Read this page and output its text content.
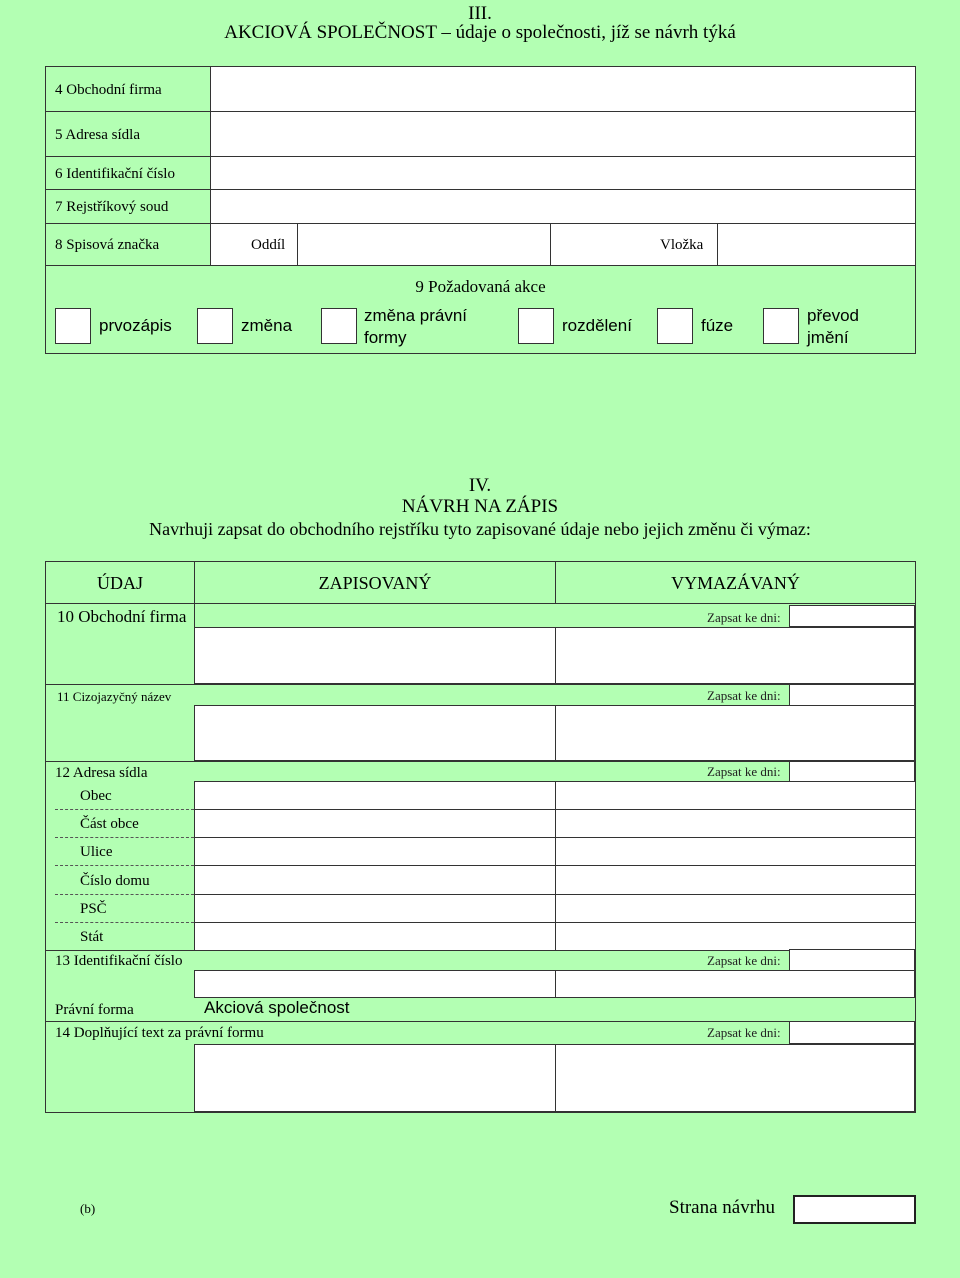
III.
AKCIOVÁ SPOLEČNOST – údaje o společnosti, jíž se návrh týká
4 Obchodní firma
5 Adresa sídla
6 Identifikační číslo
7 Rejstříkový soud
8 Spisová značka	Oddíl	Vložka
9 Požadovaná akce
prvozápis	změna
změna právní
formy
rozdělení	fúze
převod
jmění
IV.
NÁVRH NA ZÁPIS
Navrhuji zapsat do obchodního rejstříku tyto zapisované údaje nebo jejich změnu či výmaz:
ÚDAJ	ZAPISOVANÝ	VYMAZÁVANÝ
10 Obchodní firma	Zapsat ke dni:
11 Cizojazyčný název	Zapsat ke dni:
12 Adresa sídla	Zapsat ke dni:
Obec
Část obce
Ulice
Číslo domu
PSČ
Stát
13 Identifikační číslo	Zapsat ke dni:
Právní forma	Akciová společnost
14 Doplňující text za právní formu	Zapsat ke dni:
(b)	Strana návrhu
